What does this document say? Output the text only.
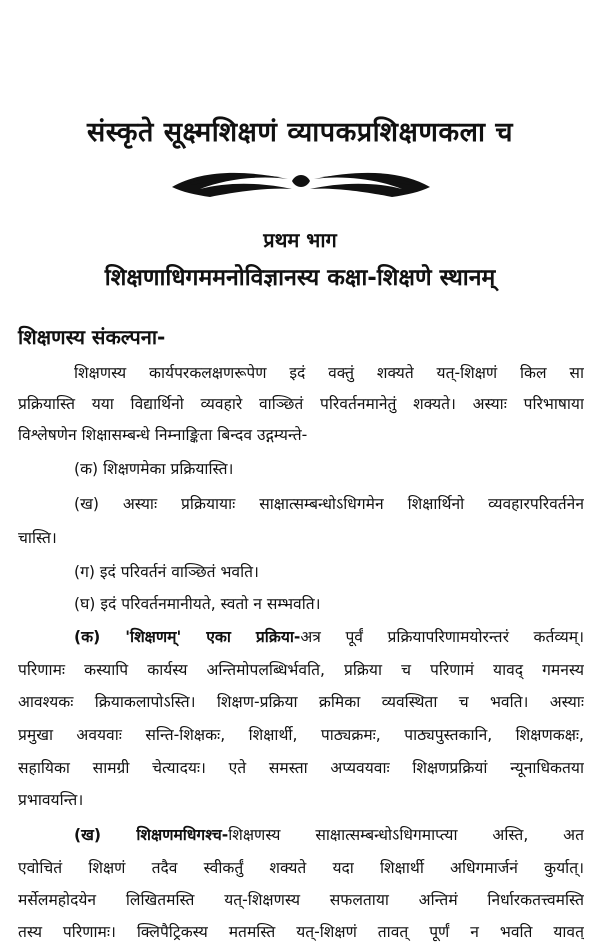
संस्कृते सूक्ष्मशिक्षणं व्यापकप्रशिक्षणकला च
प्रथम भाग
शिक्षणाधिगममनोविज्ञानस्य कक्षा-शिक्षणे स्थानम्
शिक्षणस्य संकल्पना-
शिक्षणस्य कार्यपरकलक्षणरूपेण इदं वक्तुं शक्यते यत्-शिक्षणं किल सा
प्रक्रियास्ति यया विद्यार्थिनो व्यवहारे वाञ्छितं परिवर्तनमानेतुं शक्यते। अस्याः परिभाषाया
विश्लेषणेन शिक्षासम्बन्धे निम्नाङ्किता बिन्दव उद्गम्यन्ते-
(क) शिक्षणमेका प्रक्रियास्ति।
(ख) अस्याः प्रक्रियायाः साक्षात्सम्बन्धोऽधिगमेन शिक्षार्थिनो व्यवहारपरिवर्तनेन
चास्ति।
(ग) इदं परिवर्तनं वाञ्छितं भवति।
(घ) इदं परिवर्तनमानीयते, स्वतो न सम्भवति।
(क) 'शिक्षणम्' एका प्रक्रिया-अत्र पूर्वं प्रक्रियापरिणामयोरन्तरं कर्तव्यम्।
परिणामः कस्यापि कार्यस्य अन्तिमोपलब्धिर्भवति, प्रक्रिया च परिणामं यावद् गमनस्य
आवश्यकः क्रियाकलापोऽस्ति। शिक्षण-प्रक्रिया क्रमिका व्यवस्थिता च भवति। अस्याः
प्रमुखा अवयवाः सन्ति-शिक्षकः, शिक्षार्थी, पाठ्यक्रमः, पाठ्यपुस्तकानि, शिक्षणकक्षः,
सहायिका सामग्री चेत्यादयः। एते समस्ता अप्यवयवाः शिक्षणप्रक्रियां न्यूनाधिकतया
प्रभावयन्ति।
(ख) शिक्षणमधिगश्च-शिक्षणस्य साक्षात्सम्बन्धोऽधिगमाप्त्या अस्ति, अत
एवोचितं शिक्षणं तदैव स्वीकर्तुं शक्यते यदा शिक्षार्थी अधिगमार्जनं कुर्यात्।
मर्सेलमहोदयेन लिखितमस्ति यत्-शिक्षणस्य सफलताया अन्तिमं निर्धारकतत्त्वमस्ति
तस्य परिणामः। क्लिपैट्रिकस्य मतमस्ति यत्-शिक्षणं तावत् पूर्णं न भवति यावत्
